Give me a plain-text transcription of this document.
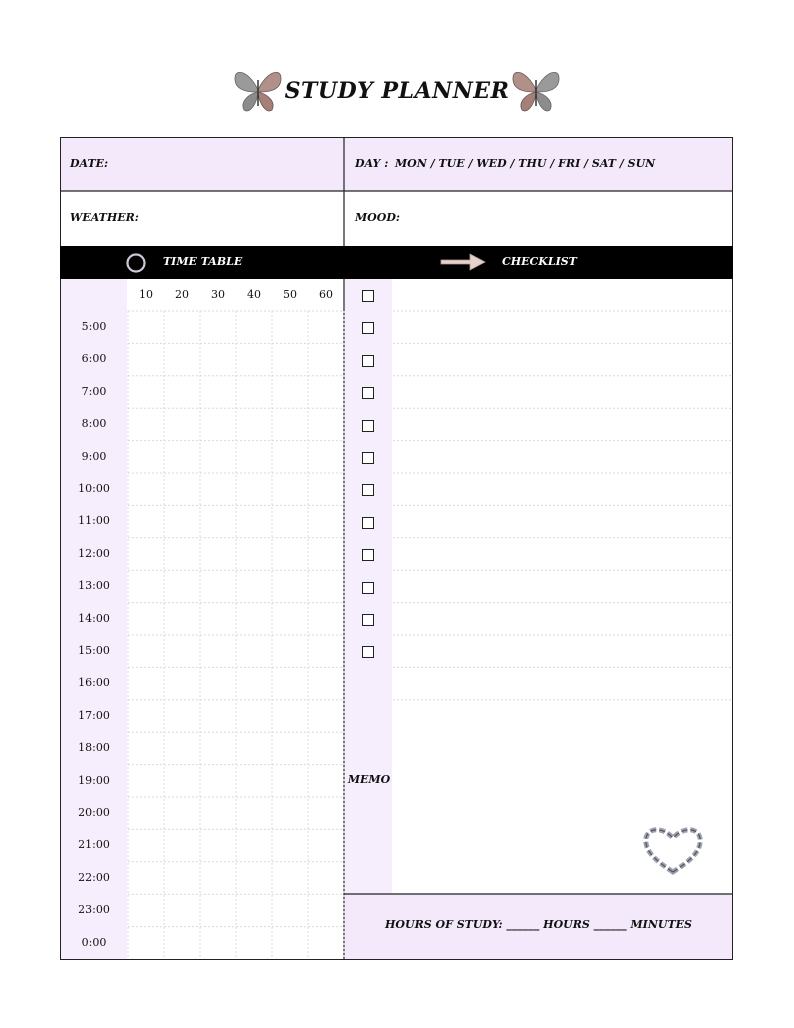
STUDY PLANNER
DATE:	DAY : MON / TUE / WED / THU / FRI / SAT / SUN
WEATHER:	MOOD:
TIME TABLE	CHECKLIST
10	20	30	40	50	60
5:00
6:00
7:00
8:00
9:00
10:00
11:00
12:00
13:00
14:00
15:00
16:00
17:00
18:00
19:00
20:00
21:00
22:00
23:00
0:00
MEMO
HOURS OF STUDY: ______ HOURS ______ MINUTES
